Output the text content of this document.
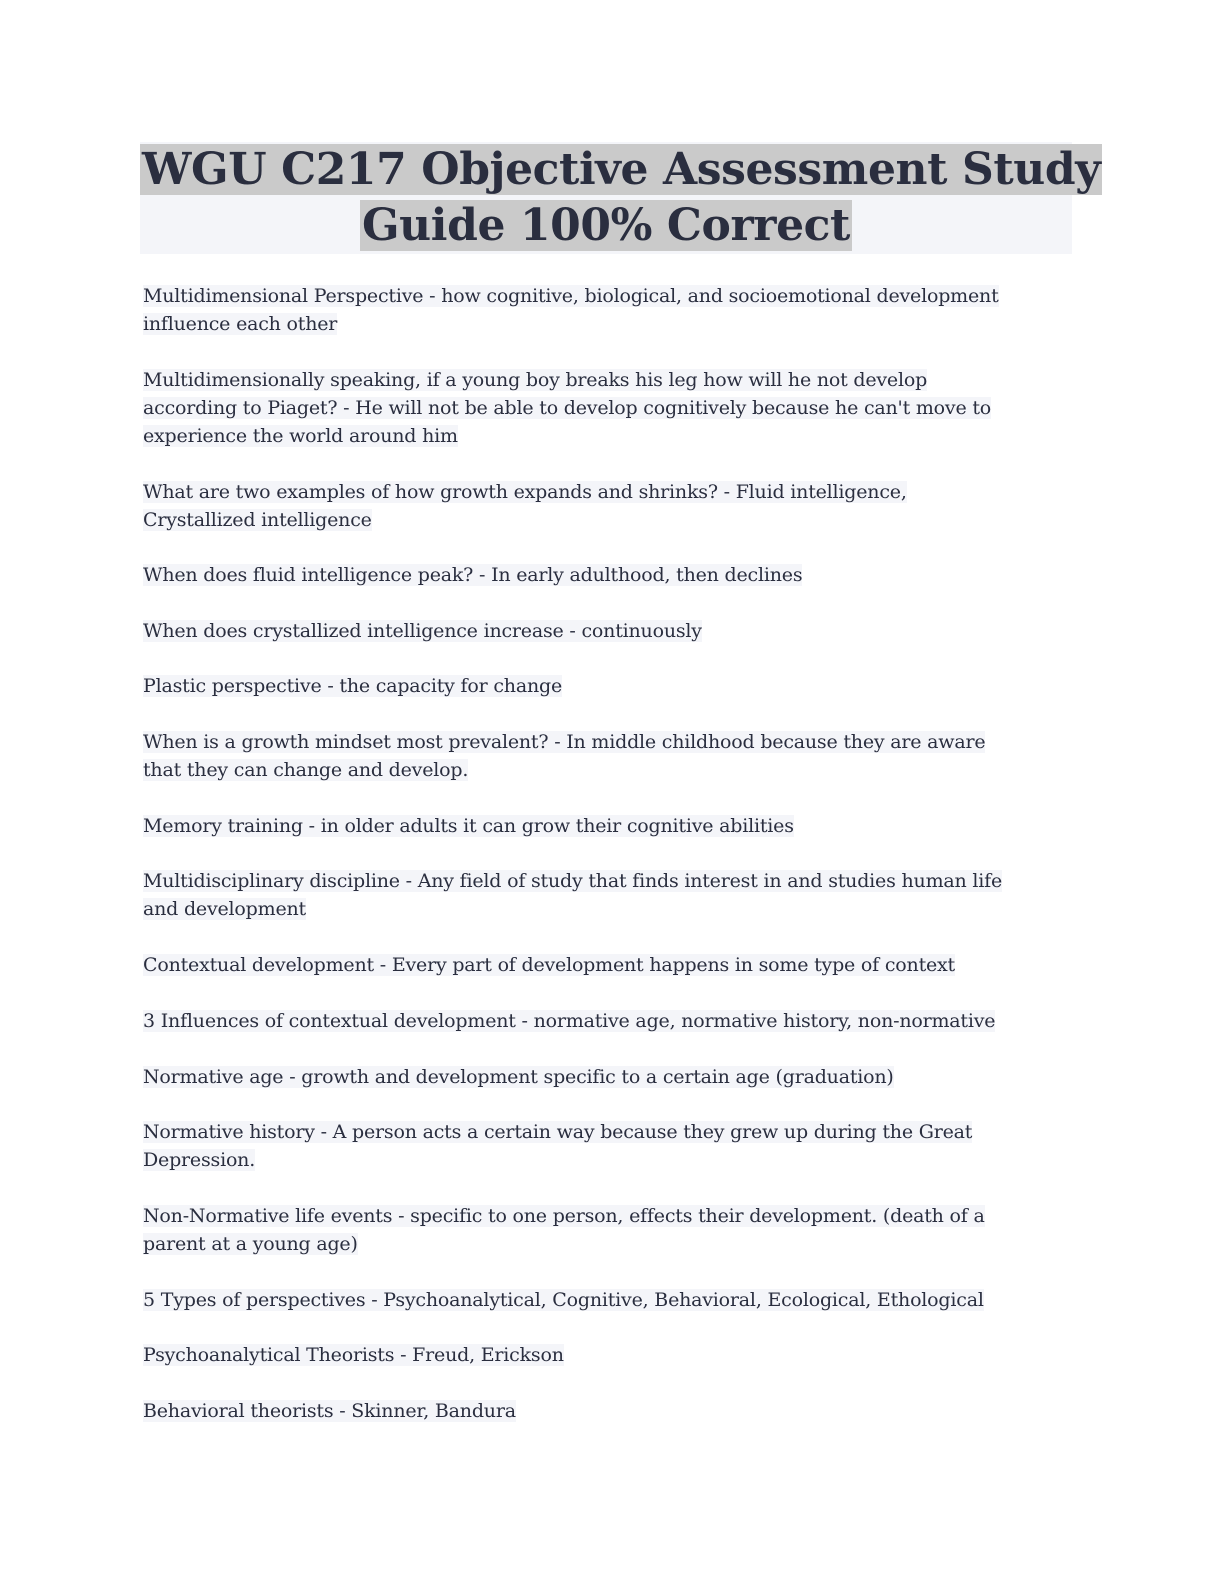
WGU C217 Objective Assessment Study
Guide 100% Correct
Multidimensional Perspective - how cognitive, biological, and socioemotional development
influence each other
Multidimensionally speaking, if a young boy breaks his leg how will he not develop
according to Piaget? - He will not be able to develop cognitively because he can't move to
experience the world around him
What are two examples of how growth expands and shrinks? - Fluid intelligence,
Crystallized intelligence
When does fluid intelligence peak? - In early adulthood, then declines
When does crystallized intelligence increase - continuously
Plastic perspective - the capacity for change
When is a growth mindset most prevalent? - In middle childhood because they are aware
that they can change and develop.
Memory training - in older adults it can grow their cognitive abilities
Multidisciplinary discipline - Any field of study that finds interest in and studies human life
and development
Contextual development - Every part of development happens in some type of context
3 Influences of contextual development - normative age, normative history, non-normative
Normative age - growth and development specific to a certain age (graduation)
Normative history - A person acts a certain way because they grew up during the Great
Depression.
Non-Normative life events - specific to one person, effects their development. (death of a
parent at a young age)
5 Types of perspectives - Psychoanalytical, Cognitive, Behavioral, Ecological, Ethological
Psychoanalytical Theorists - Freud, Erickson
Behavioral theorists - Skinner, Bandura
